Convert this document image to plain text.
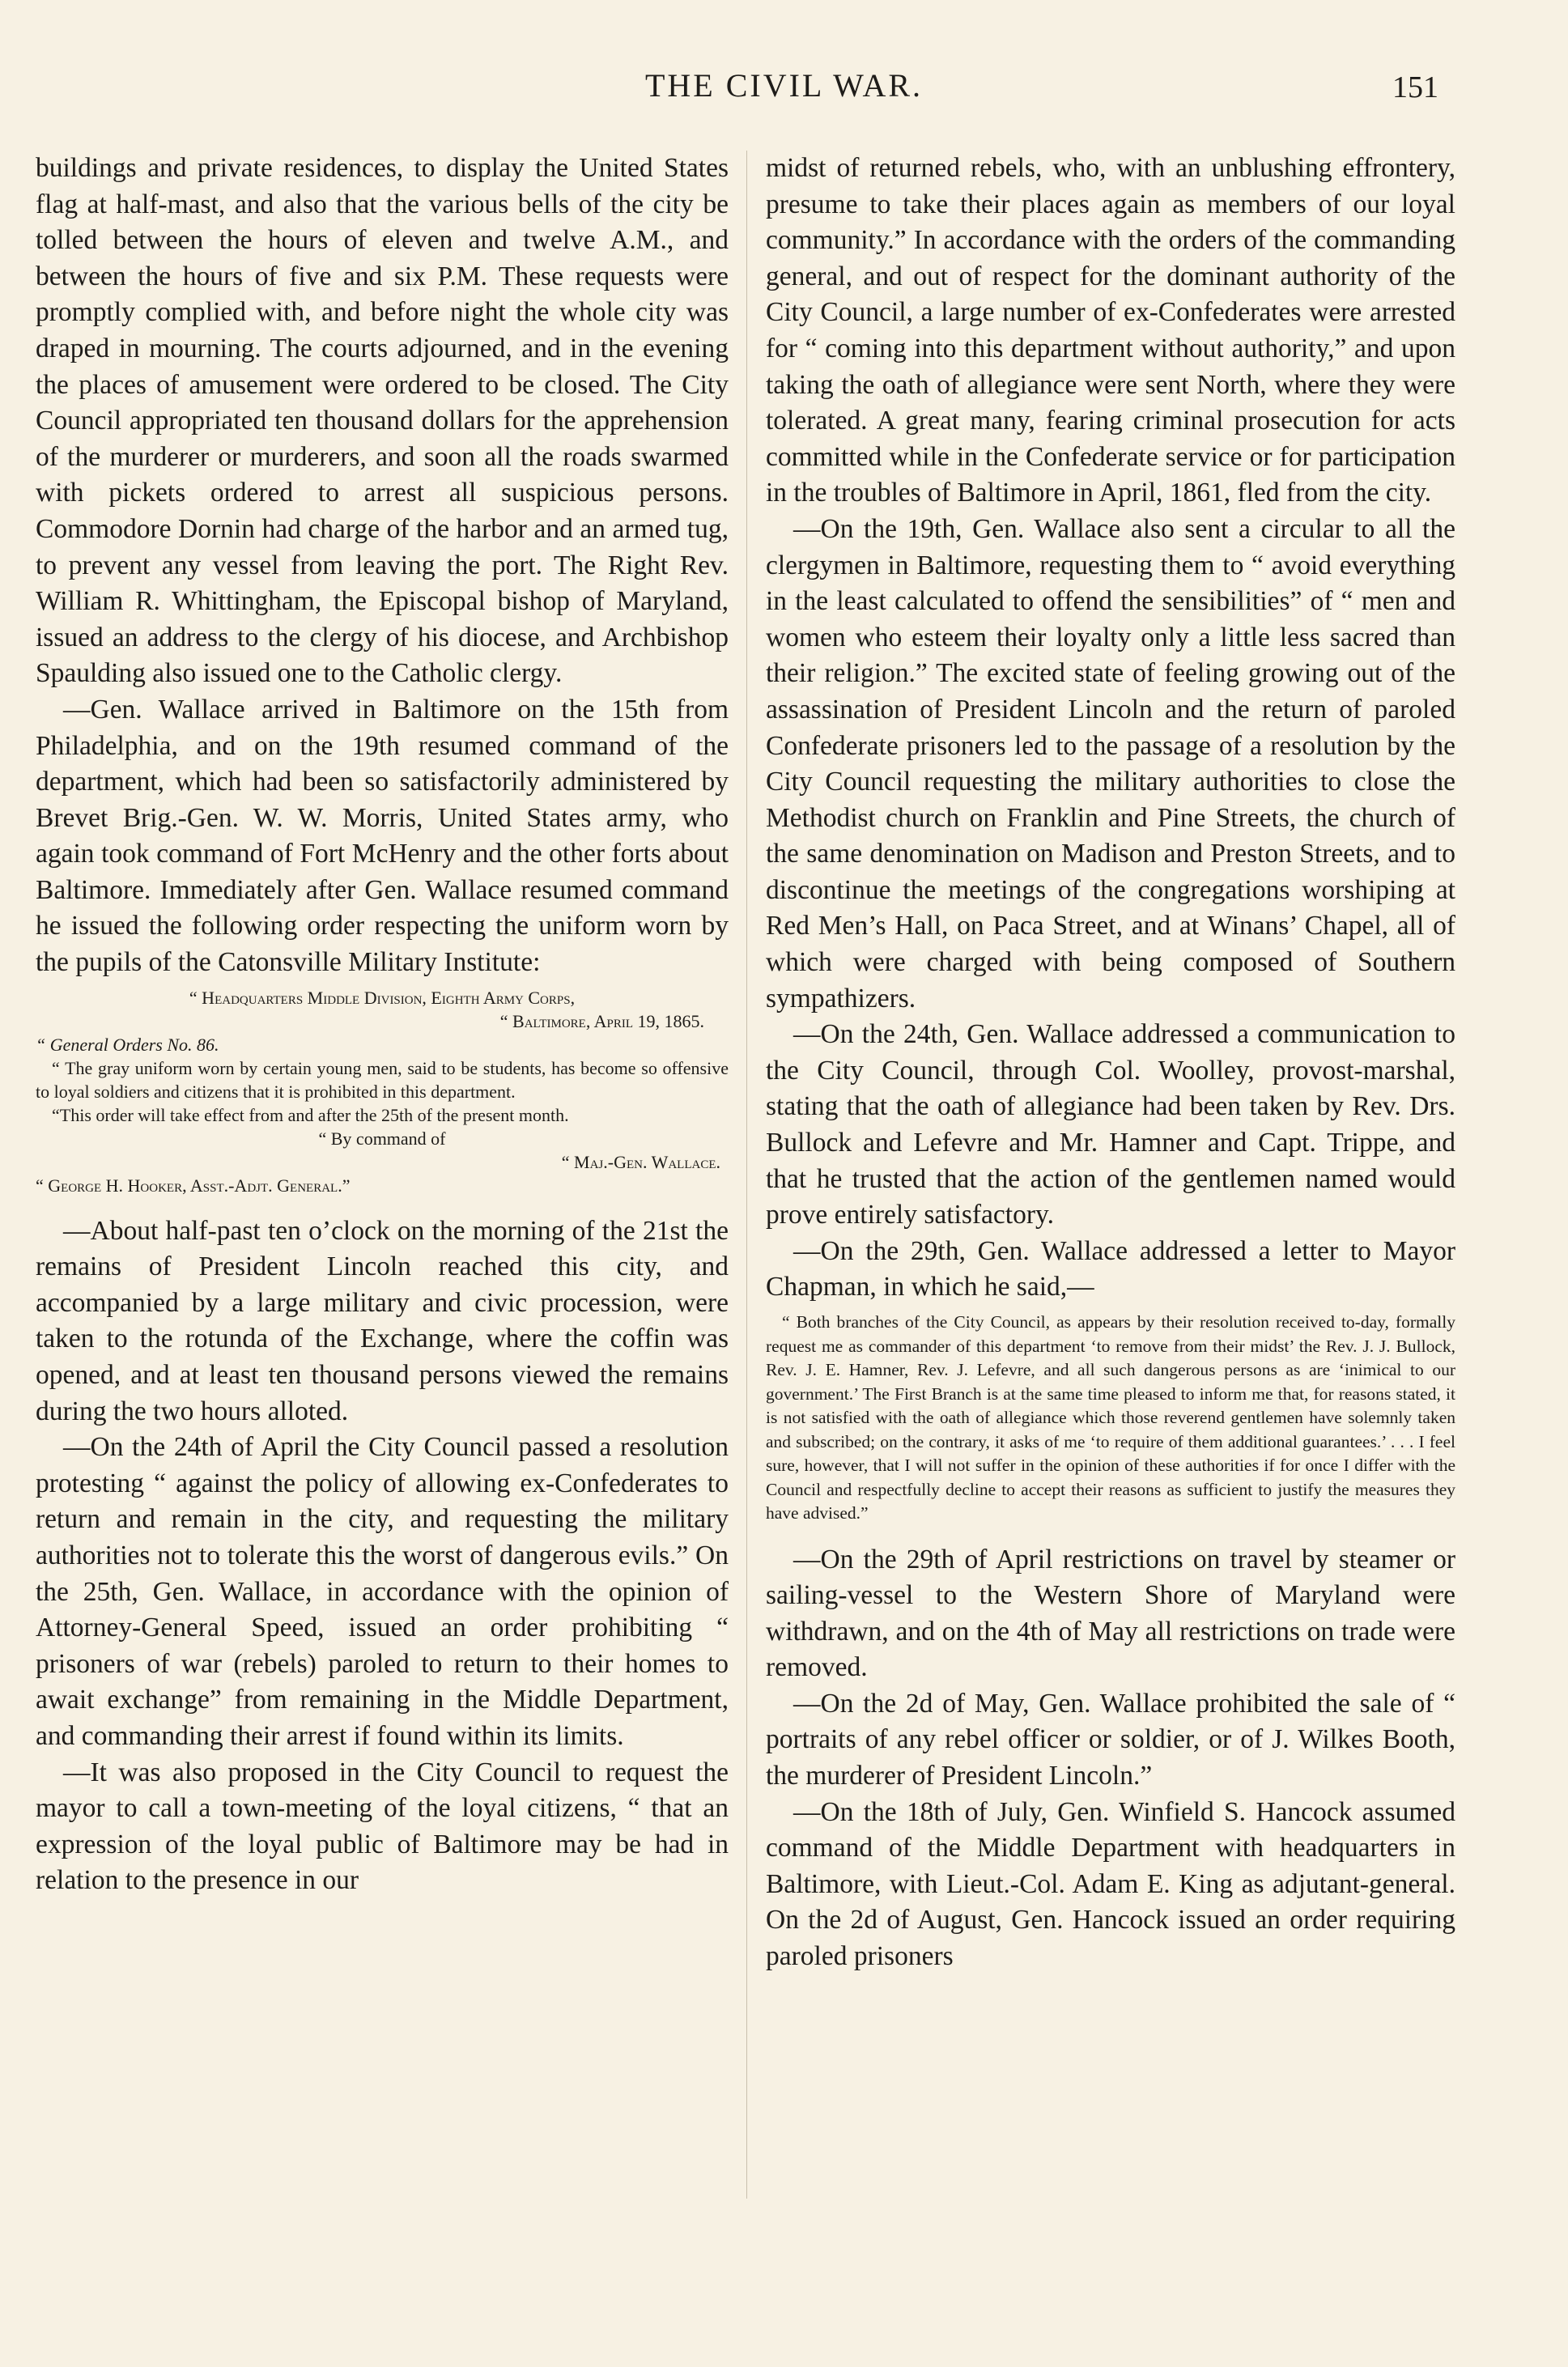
THE CIVIL WAR.	151

buildings and private residences, to display the United States flag at half-mast, and also that the various bells of the city be tolled between the hours of eleven and twelve A.M., and between the hours of five and six P.M. These requests were promptly complied with, and before night the whole city was draped in mourning. The courts adjourned, and in the evening the places of amusement were ordered to be closed. The City Council appropriated ten thousand dollars for the apprehension of the murderer or murderers, and soon all the roads swarmed with pickets ordered to arrest all suspicious persons. Commodore Dornin had charge of the harbor and an armed tug, to prevent any vessel from leaving the port. The Right Rev. William R. Whittingham, the Episcopal bishop of Maryland, issued an address to the clergy of his diocese, and Archbishop Spaulding also issued one to the Catholic clergy.

—Gen. Wallace arrived in Baltimore on the 15th from Philadelphia, and on the 19th resumed command of the department, which had been so satisfactorily administered by Brevet Brig.-Gen. W. W. Morris, United States army, who again took command of Fort McHenry and the other forts about Baltimore. Immediately after Gen. Wallace resumed command he issued the following order respecting the uniform worn by the pupils of the Catonsville Military Institute:

“ Headquarters Middle Division, Eighth Army Corps,
“ Baltimore, April 19, 1865.
“ General Orders No. 86.
“ The gray uniform worn by certain young men, said to be students, has become so offensive to loyal soldiers and citizens that it is prohibited in this department.
“This order will take effect from and after the 25th of the present month.
“ By command of
“ Maj.-Gen. Wallace.
“ George H. Hooker, Asst.-Adjt. General.”

—About half-past ten o’clock on the morning of the 21st the remains of President Lincoln reached this city, and accompanied by a large military and civic procession, were taken to the rotunda of the Exchange, where the coffin was opened, and at least ten thousand persons viewed the remains during the two hours alloted.

—On the 24th of April the City Council passed a resolution protesting “ against the policy of allowing ex-Confederates to return and remain in the city, and requesting the military authorities not to tolerate this the worst of dangerous evils.” On the 25th, Gen. Wallace, in accordance with the opinion of Attorney-General Speed, issued an order prohibiting “ prisoners of war (rebels) paroled to return to their homes to await exchange” from remaining in the Middle Department, and commanding their arrest if found within its limits.

—It was also proposed in the City Council to request the mayor to call a town-meeting of the loyal citizens, “ that an expression of the loyal public of Baltimore may be had in relation to the presence in our

midst of returned rebels, who, with an unblushing effrontery, presume to take their places again as members of our loyal community.” In accordance with the orders of the commanding general, and out of respect for the dominant authority of the City Council, a large number of ex-Confederates were arrested for “ coming into this department without authority,” and upon taking the oath of allegiance were sent North, where they were tolerated. A great many, fearing criminal prosecution for acts committed while in the Confederate service or for participation in the troubles of Baltimore in April, 1861, fled from the city.

—On the 19th, Gen. Wallace also sent a circular to all the clergymen in Baltimore, requesting them to “ avoid everything in the least calculated to offend the sensibilities” of “ men and women who esteem their loyalty only a little less sacred than their religion.” The excited state of feeling growing out of the assassination of President Lincoln and the return of paroled Confederate prisoners led to the passage of a resolution by the City Council requesting the military authorities to close the Methodist church on Franklin and Pine Streets, the church of the same denomination on Madison and Preston Streets, and to discontinue the meetings of the congregations worshiping at Red Men’s Hall, on Paca Street, and at Winans’ Chapel, all of which were charged with being composed of Southern sympathizers.

—On the 24th, Gen. Wallace addressed a communication to the City Council, through Col. Woolley, provost-marshal, stating that the oath of allegiance had been taken by Rev. Drs. Bullock and Lefevre and Mr. Hamner and Capt. Trippe, and that he trusted that the action of the gentlemen named would prove entirely satisfactory.

—On the 29th, Gen. Wallace addressed a letter to Mayor Chapman, in which he said,—

“ Both branches of the City Council, as appears by their resolution received to-day, formally request me as commander of this department ‘to remove from their midst’ the Rev. J. J. Bullock, Rev. J. E. Hamner, Rev. J. Lefevre, and all such dangerous persons as are ‘inimical to our government.’ The First Branch is at the same time pleased to inform me that, for reasons stated, it is not satisfied with the oath of allegiance which those reverend gentlemen have solemnly taken and subscribed; on the contrary, it asks of me ‘to require of them additional guarantees.’ . . . I feel sure, however, that I will not suffer in the opinion of these authorities if for once I differ with the Council and respectfully decline to accept their reasons as sufficient to justify the measures they have advised.”

—On the 29th of April restrictions on travel by steamer or sailing-vessel to the Western Shore of Maryland were withdrawn, and on the 4th of May all restrictions on trade were removed.

—On the 2d of May, Gen. Wallace prohibited the sale of “ portraits of any rebel officer or soldier, or of J. Wilkes Booth, the murderer of President Lincoln.”

—On the 18th of July, Gen. Winfield S. Hancock assumed command of the Middle Department with headquarters in Baltimore, with Lieut.-Col. Adam E. King as adjutant-general. On the 2d of August, Gen. Hancock issued an order requiring paroled prisoners
